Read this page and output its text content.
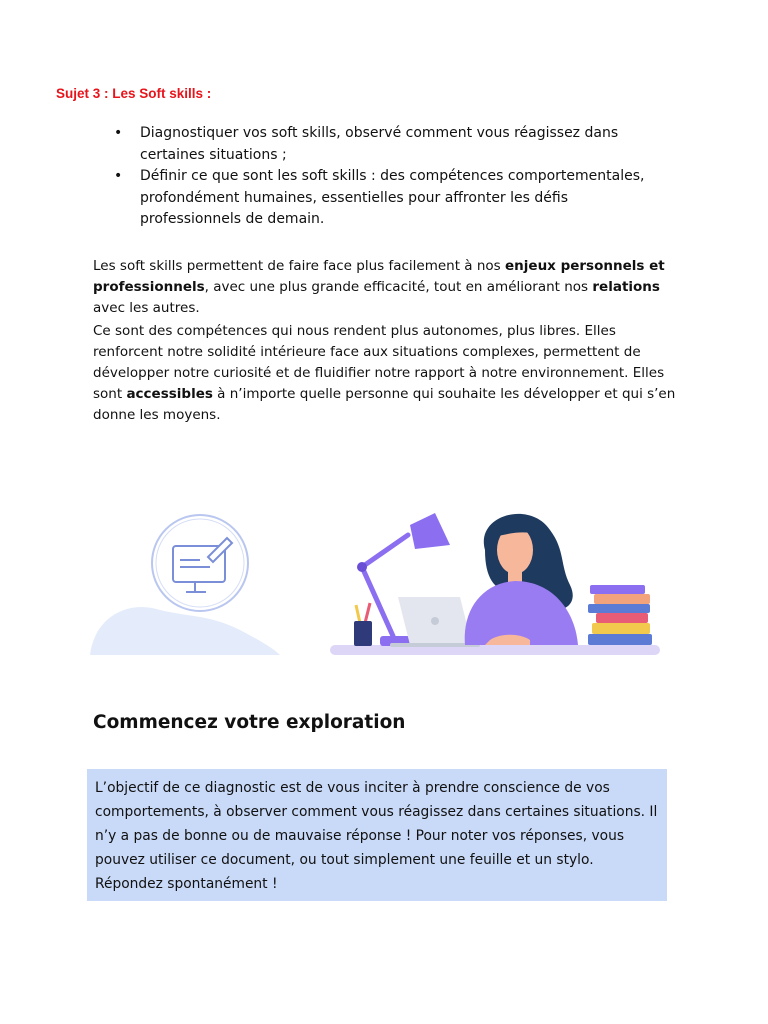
Sujet 3 : Les Soft skills :
• Diagnostiquer vos soft skills, observé comment vous réagissez dans certaines situations ;
• Définir ce que sont les soft skills : des compétences comportementales, profondément humaines, essentielles pour affronter les défis professionnels de demain.

Les soft skills permettent de faire face plus facilement à nos enjeux personnels et professionnels, avec une plus grande efficacité, tout en améliorant nos relations avec les autres.

Ce sont des compétences qui nous rendent plus autonomes, plus libres. Elles renforcent notre solidité intérieure face aux situations complexes, permettent de développer notre curiosité et de fluidifier notre rapport à notre environnement. Elles sont accessibles à n’importe quelle personne qui souhaite les développer et qui s’en donne les moyens.

Commencez votre exploration

L’objectif de ce diagnostic est de vous inciter à prendre conscience de vos comportements, à observer comment vous réagissez dans certaines situations. Il n’y a pas de bonne ou de mauvaise réponse ! Pour noter vos réponses, vous pouvez utiliser ce document, ou tout simplement une feuille et un stylo. Répondez spontanément !
